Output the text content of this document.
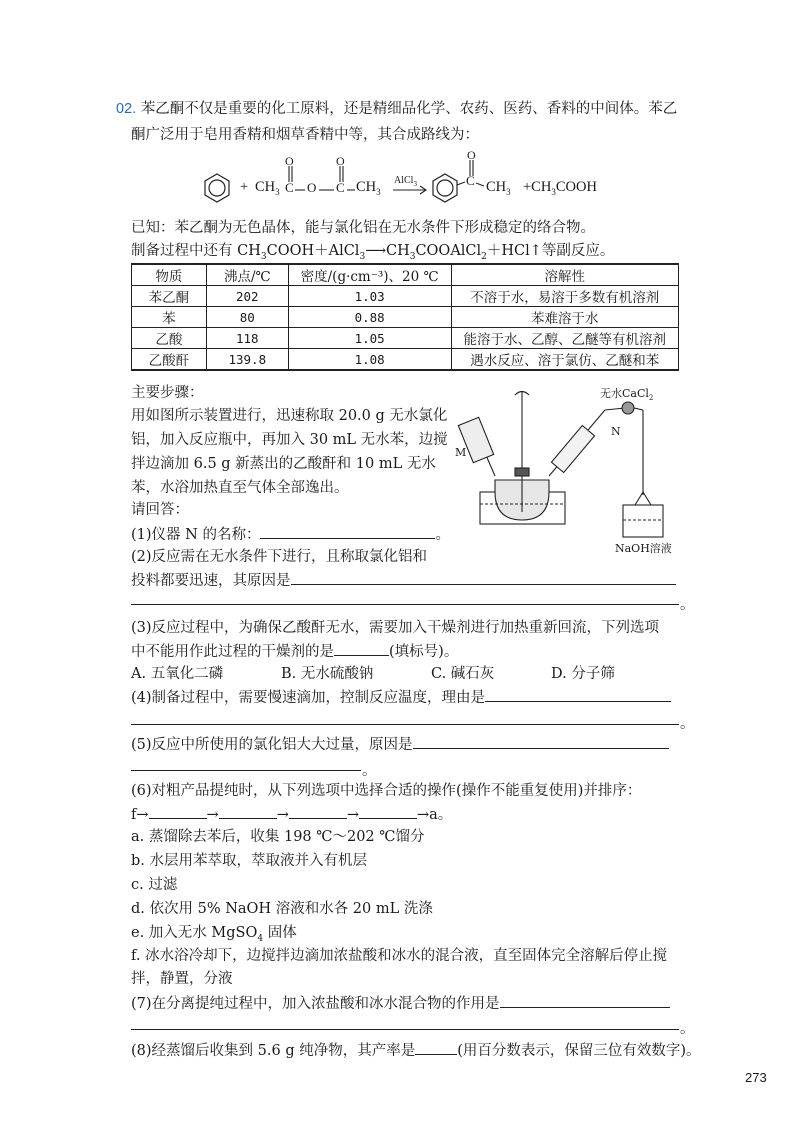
02. 苯乙酮不仅是重要的化工原料，还是精细品化学、农药、医药、香料的中间体。苯乙
酮广泛用于皂用香精和烟草香精中等，其合成路线为：
+ $CH_3$
O
C O
O
C $CH_3$
AlCl$_3$
O
C $CH_3$ $+CH_3COOH$
已知：苯乙酮为无色晶体，能与氯化铝在无水条件下形成稳定的络合物。
制备过程中还有 $CH_3COOH+AlCl_3⟶CH_3COOAlCl_2+HCl↑$等副反应。
物质	沸点/℃	密度/(g·cm⁻³)、20 ℃	溶解性
苯乙酮	202	1.03	不溶于水，易溶于多数有机溶剂
苯	80	0.88	苯难溶于水
乙酸	118	1.05	能溶于水、乙醇、乙醚等有机溶剂
乙酸酐	139.8	1.08	遇水反应、溶于氯仿、乙醚和苯
主要步骤：
用如图所示装置进行，迅速称取 20.0 g 无水氯化
铝，加入反应瓶中，再加入 30 mL 无水苯，边搅
拌边滴加 6.5 g 新蒸出的乙酸酐和 10 mL 无水
苯，水浴加热直至气体全部逸出。
请回答：
无水CaCl$_2$
N
M
NaOH溶液
(1)仪器 N 的名称：	。
(2)反应需在无水条件下进行，且称取氯化铝和
投料都要迅速，其原因是
。
(3)反应过程中，为确保乙酸酐无水，需要加入干燥剂进行加热重新回流，下列选项
中不能用作此过程的干燥剂的是	(填标号)。
A. 五氧化二磷	B. 无水硫酸钠	C. 碱石灰	D. 分子筛
(4)制备过程中，需要慢速滴加，控制反应温度，理由是
。
(5)反应中所使用的氯化铝大大过量，原因是
。
(6)对粗产品提纯时，从下列选项中选择合适的操作(操作不能重复使用)并排序：
f→	→	→	→	→a。
a. 蒸馏除去苯后，收集 198 ℃～202 ℃馏分
b. 水层用苯萃取，萃取液并入有机层
c. 过滤
d. 依次用 5% NaOH 溶液和水各 20 mL 洗涤
e. 加入无水 MgSO$_4$ 固体
f. 冰水浴冷却下，边搅拌边滴加浓盐酸和冰水的混合液，直至固体完全溶解后停止搅
拌，静置，分液
(7)在分离提纯过程中，加入浓盐酸和冰水混合物的作用是
。
(8)经蒸馏后收集到 5.6 g 纯净物，其产率是	(用百分数表示，保留三位有效数字)。
273
